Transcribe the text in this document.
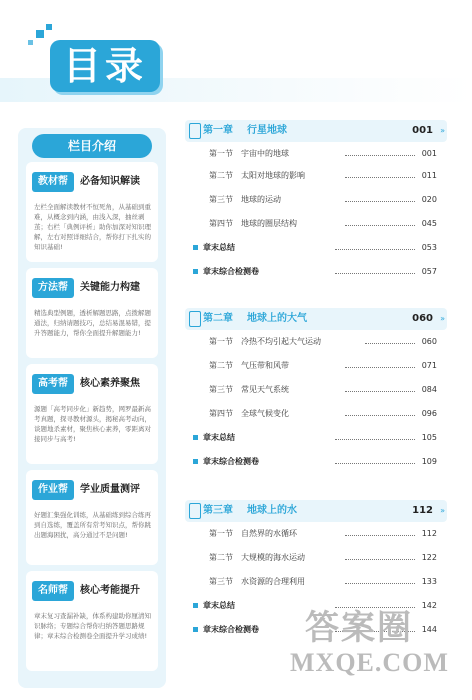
目录
栏目介绍
教材帮	必备知识解读
左栏全面解读教材不恒死角，从基础到重难，从概念到内涵，由浅入深，抽丝剥茧；右栏「典例评析」助你加深对知识理解，左右对照详细结合，帮你打下扎实的知识基础!
方法帮	关键能力构建
精选典型例题，透析解题思路，点拨解题通法，归纳请题技巧，总结易混易错，提升答题能力，帮你全面提升解题能力!
高考帮	核心素养聚焦
源题「高考同步化」新趋势，网罗最新高考真题，探寻教材源头，揭秘高考动向，谈题地杀素材，聚焦核心素养，零距离对接同步与高考!
作业帮	学业质量测评
好题汇集强化训练，从基础练到综合练再到自选练，覆盖所有常考知识点，帮你跳出题海困扰，高分通过不是问题!
名师帮	核心考能提升
章末复习查漏补缺，体系构建助你厘清知识脉络；专题综合帮你归纳答题思路规律；章末综合检测卷全面提升学习成绩!
第一章 行星地球	001 »
第一节 宇宙中的地球	001
第二节 太阳对地球的影响	011
第三节 地球的运动	020
第四节 地球的圈层结构	045
章末总结	053
章末综合检测卷	057
第二章 地球上的大气	060 »
第一节 冷热不均引起大气运动	060
第二节 气压带和风带	071
第三节 常见天气系统	084
第四节 全球气候变化	096
章末总结	105
章末综合检测卷	109
第三章 地球上的水	112 »
第一节 自然界的水循环	112
第二节 大规模的海水运动	122
第三节 水资源的合理利用	133
章末总结	142
章末综合检测卷	144
答案圈
MXQE.COM
